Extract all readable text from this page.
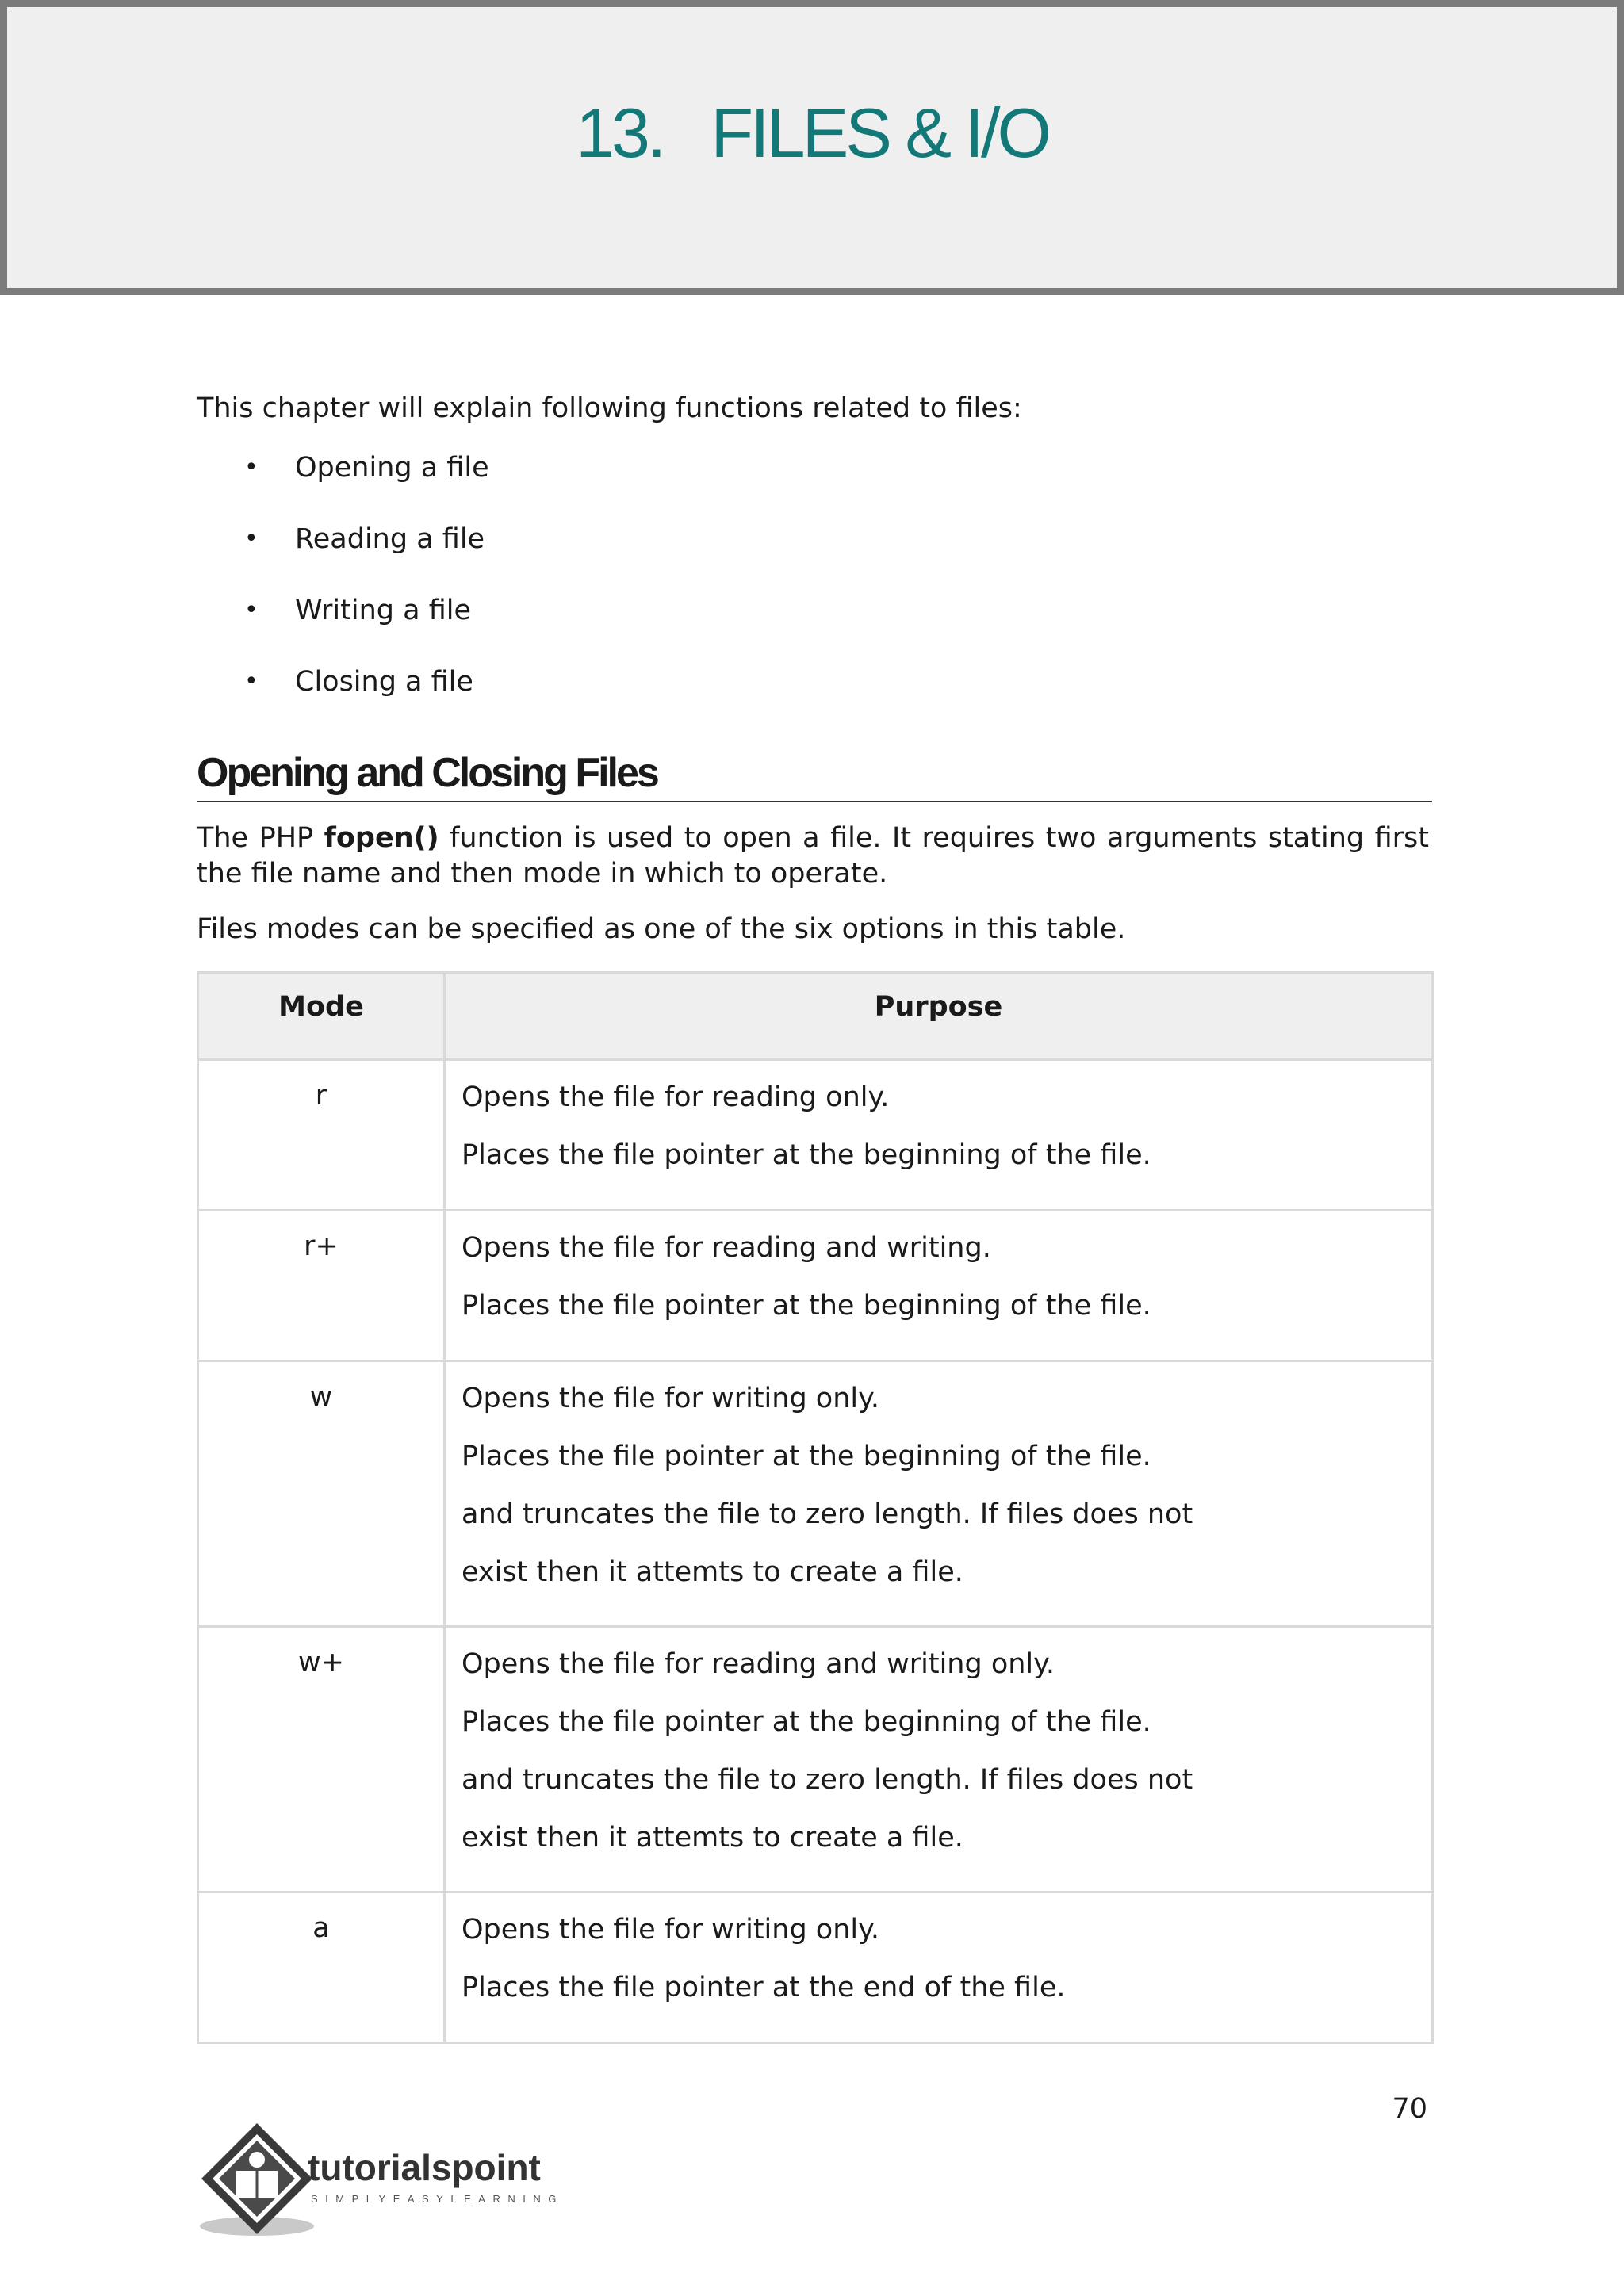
13. FILES & I/O

This chapter will explain following functions related to files:

• Opening a file
• Reading a file
• Writing a file
• Closing a file
Opening and Closing Files

The PHP fopen() function is used to open a file. It requires two arguments stating first the file name and then mode in which to operate.

Files modes can be specified as one of the six options in this table.

Mode	Purpose
r	Opens the file for reading only.
Places the file pointer at the beginning of the file.

r+	Opens the file for reading and writing.
Places the file pointer at the beginning of the file.

w	Opens the file for writing only.
Places the file pointer at the beginning of the file.
and truncates the file to zero length. If files does not
exist then it attemts to create a file.

w+	Opens the file for reading and writing only.
Places the file pointer at the beginning of the file.
and truncates the file to zero length. If files does not
exist then it attemts to create a file.

a	Opens the file for writing only.
Places the file pointer at the end of the file.
70
tutorialspoint
SIMPLYEASYLEARNING
